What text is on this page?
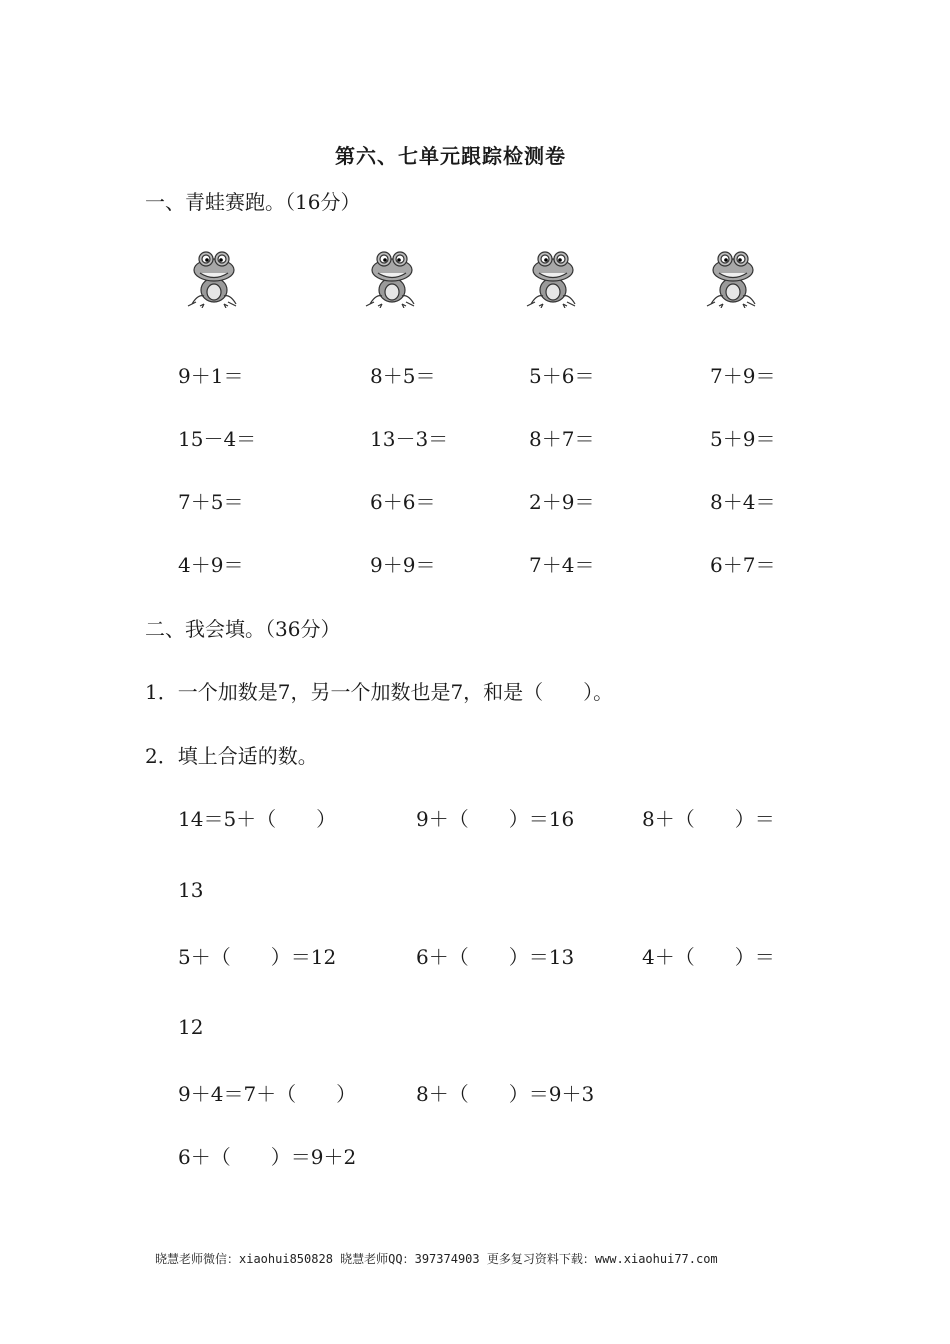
第六、七单元跟踪检测卷
一、青蛙赛跑。（16分）
9＋1＝	8＋5＝	5＋6＝	7＋9＝
15－4＝	13－3＝	8＋7＝	5＋9＝
7＋5＝	6＋6＝	2＋9＝	8＋4＝
4＋9＝	9＋9＝	7＋4＝	6＋7＝
二、我会填。（36分）
1．一个加数是7，另一个加数也是7，和是（　　）。
2．填上合适的数。
14＝5＋（　　）	9＋（　　）＝16	8＋（　　）＝
13
5＋（　　）＝12	6＋（　　）＝13	4＋（　　）＝
12
9＋4＝7＋（　　）	8＋（　　）＝9＋3
6＋（　　）＝9＋2
晓慧老师微信：xiaohui850828 晓慧老师QQ：397374903 更多复习资料下载：www.xiaohui77.com
